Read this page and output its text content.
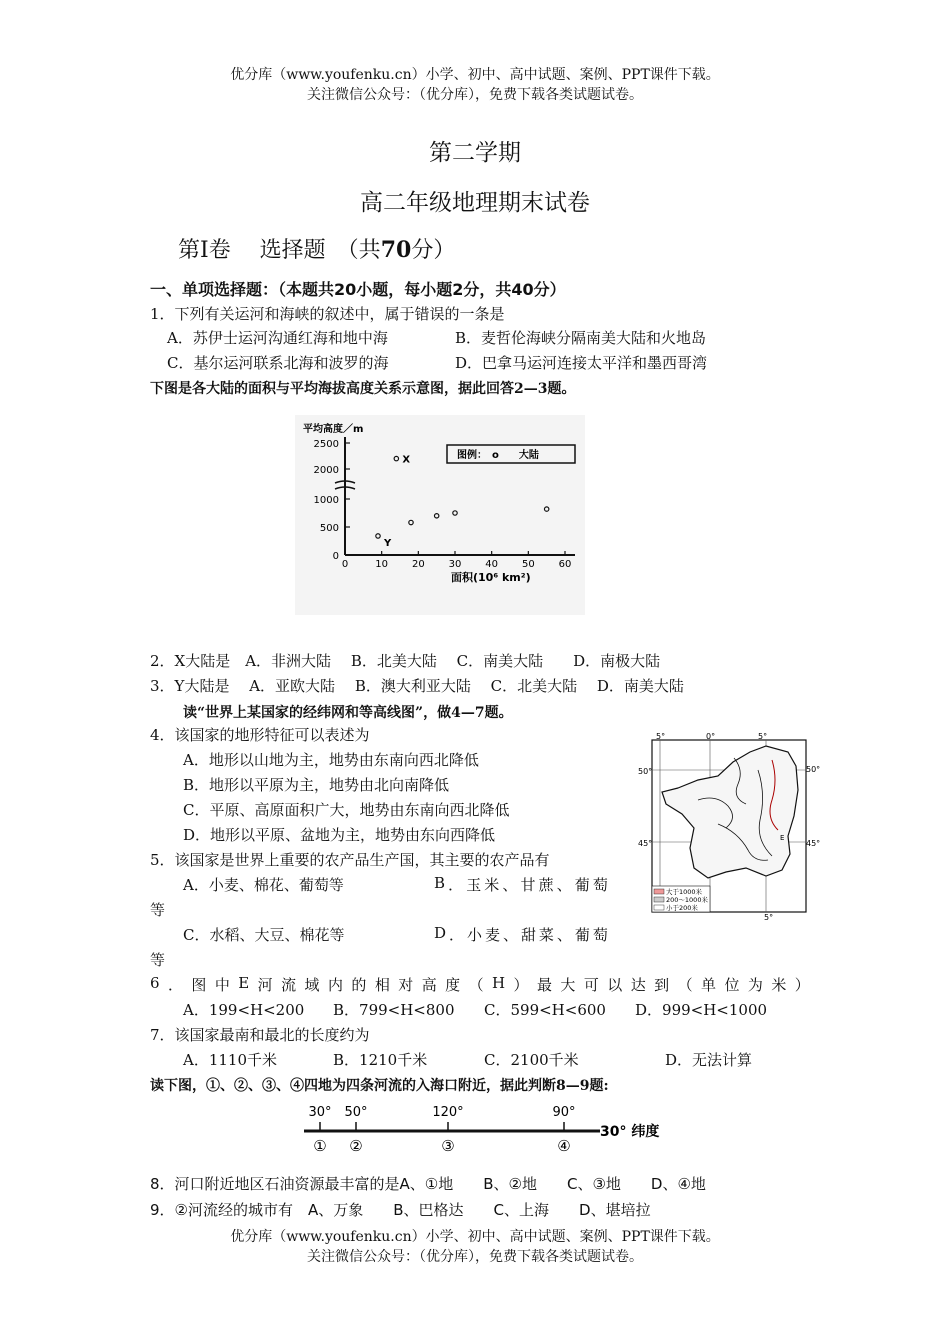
优分库（www.youfenku.cn）小学、初中、高中试题、案例、PPT课件下载。
关注微信公众号：（优分库），免费下载各类试题试卷。
第二学期
高二年级地理期末试卷
第Ⅰ卷　 选择题　（共70分）
一、单项选择题：（本题共20小题，每小题2分，共40分）
1．下列有关运河和海峡的叙述中，属于错误的一条是
A．苏伊士运河沟通红海和地中海	B．麦哲伦海峡分隔南美大陆和火地岛
C．基尔运河联系北海和波罗的海	D．巴拿马运河连接太平洋和墨西哥湾
下图是各大陆的面积与平均海拔高度关系示意图，据此回答2—3题。
平均高度／m
2500
2000
1000
500
0
0	10 20 30 40 50 60
图例：　ο　　大陆
X
Y
面积(10⁶ km²)
2．X大陆是　A．非洲大陆　 B．北美大陆　 C．南美大陆　　D．南极大陆
3．Y大陆是　 A．亚欧大陆　 B．澳大利亚大陆　 C．北美大陆　 D．南美大陆
读“世界上某国家的经纬网和等高线图”，做4—7题。
5°	0°	5°
5°
50°	50°
45°	45°
E
大于1000米
200～1000米
小于200米
4．该国家的地形特征可以表述为
A．地形以山地为主，地势由东南向西北降低
B．地形以平原为主，地势由北向南降低
C．平原、高原面积广大，地势由东南向西北降低
D．地形以平原、盆地为主，地势由东向西降低
5．该国家是世界上重要的农产品生产国，其主要的农产品有
A．小麦、棉花、葡萄等	B ． 玉 米 、 甘 蔗 、 葡 萄
等
C．水稻、大豆、棉花等	D ． 小 麦 、 甜 菜 、 葡 萄
等
6 ． 图 中 E 河 流 域 内 的 相 对 高 度 （ H ） 最 大 可 以 达 到 （ 单 位 为 米 ）
A．199<H<200 B．799<H<800 C．599<H<600 D．999<H<1000
7．该国家最南和最北的长度约为
A．1110千米	B．1210千米	C．2100千米	D．无法计算
读下图，①、②、③、④四地为四条河流的入海口附近，据此判断8—9题:
30°
①
50°
②
120°
③
90°
④
30° 纬度
8．河口附近地区石油资源最丰富的是A、①地　　B、②地　　C、③地　　D、④地
9．②河流经的城市有　A、万象　　B、巴格达　　C、上海　　D、堪培拉
优分库（www.youfenku.cn）小学、初中、高中试题、案例、PPT课件下载。
关注微信公众号：（优分库），免费下载各类试题试卷。
